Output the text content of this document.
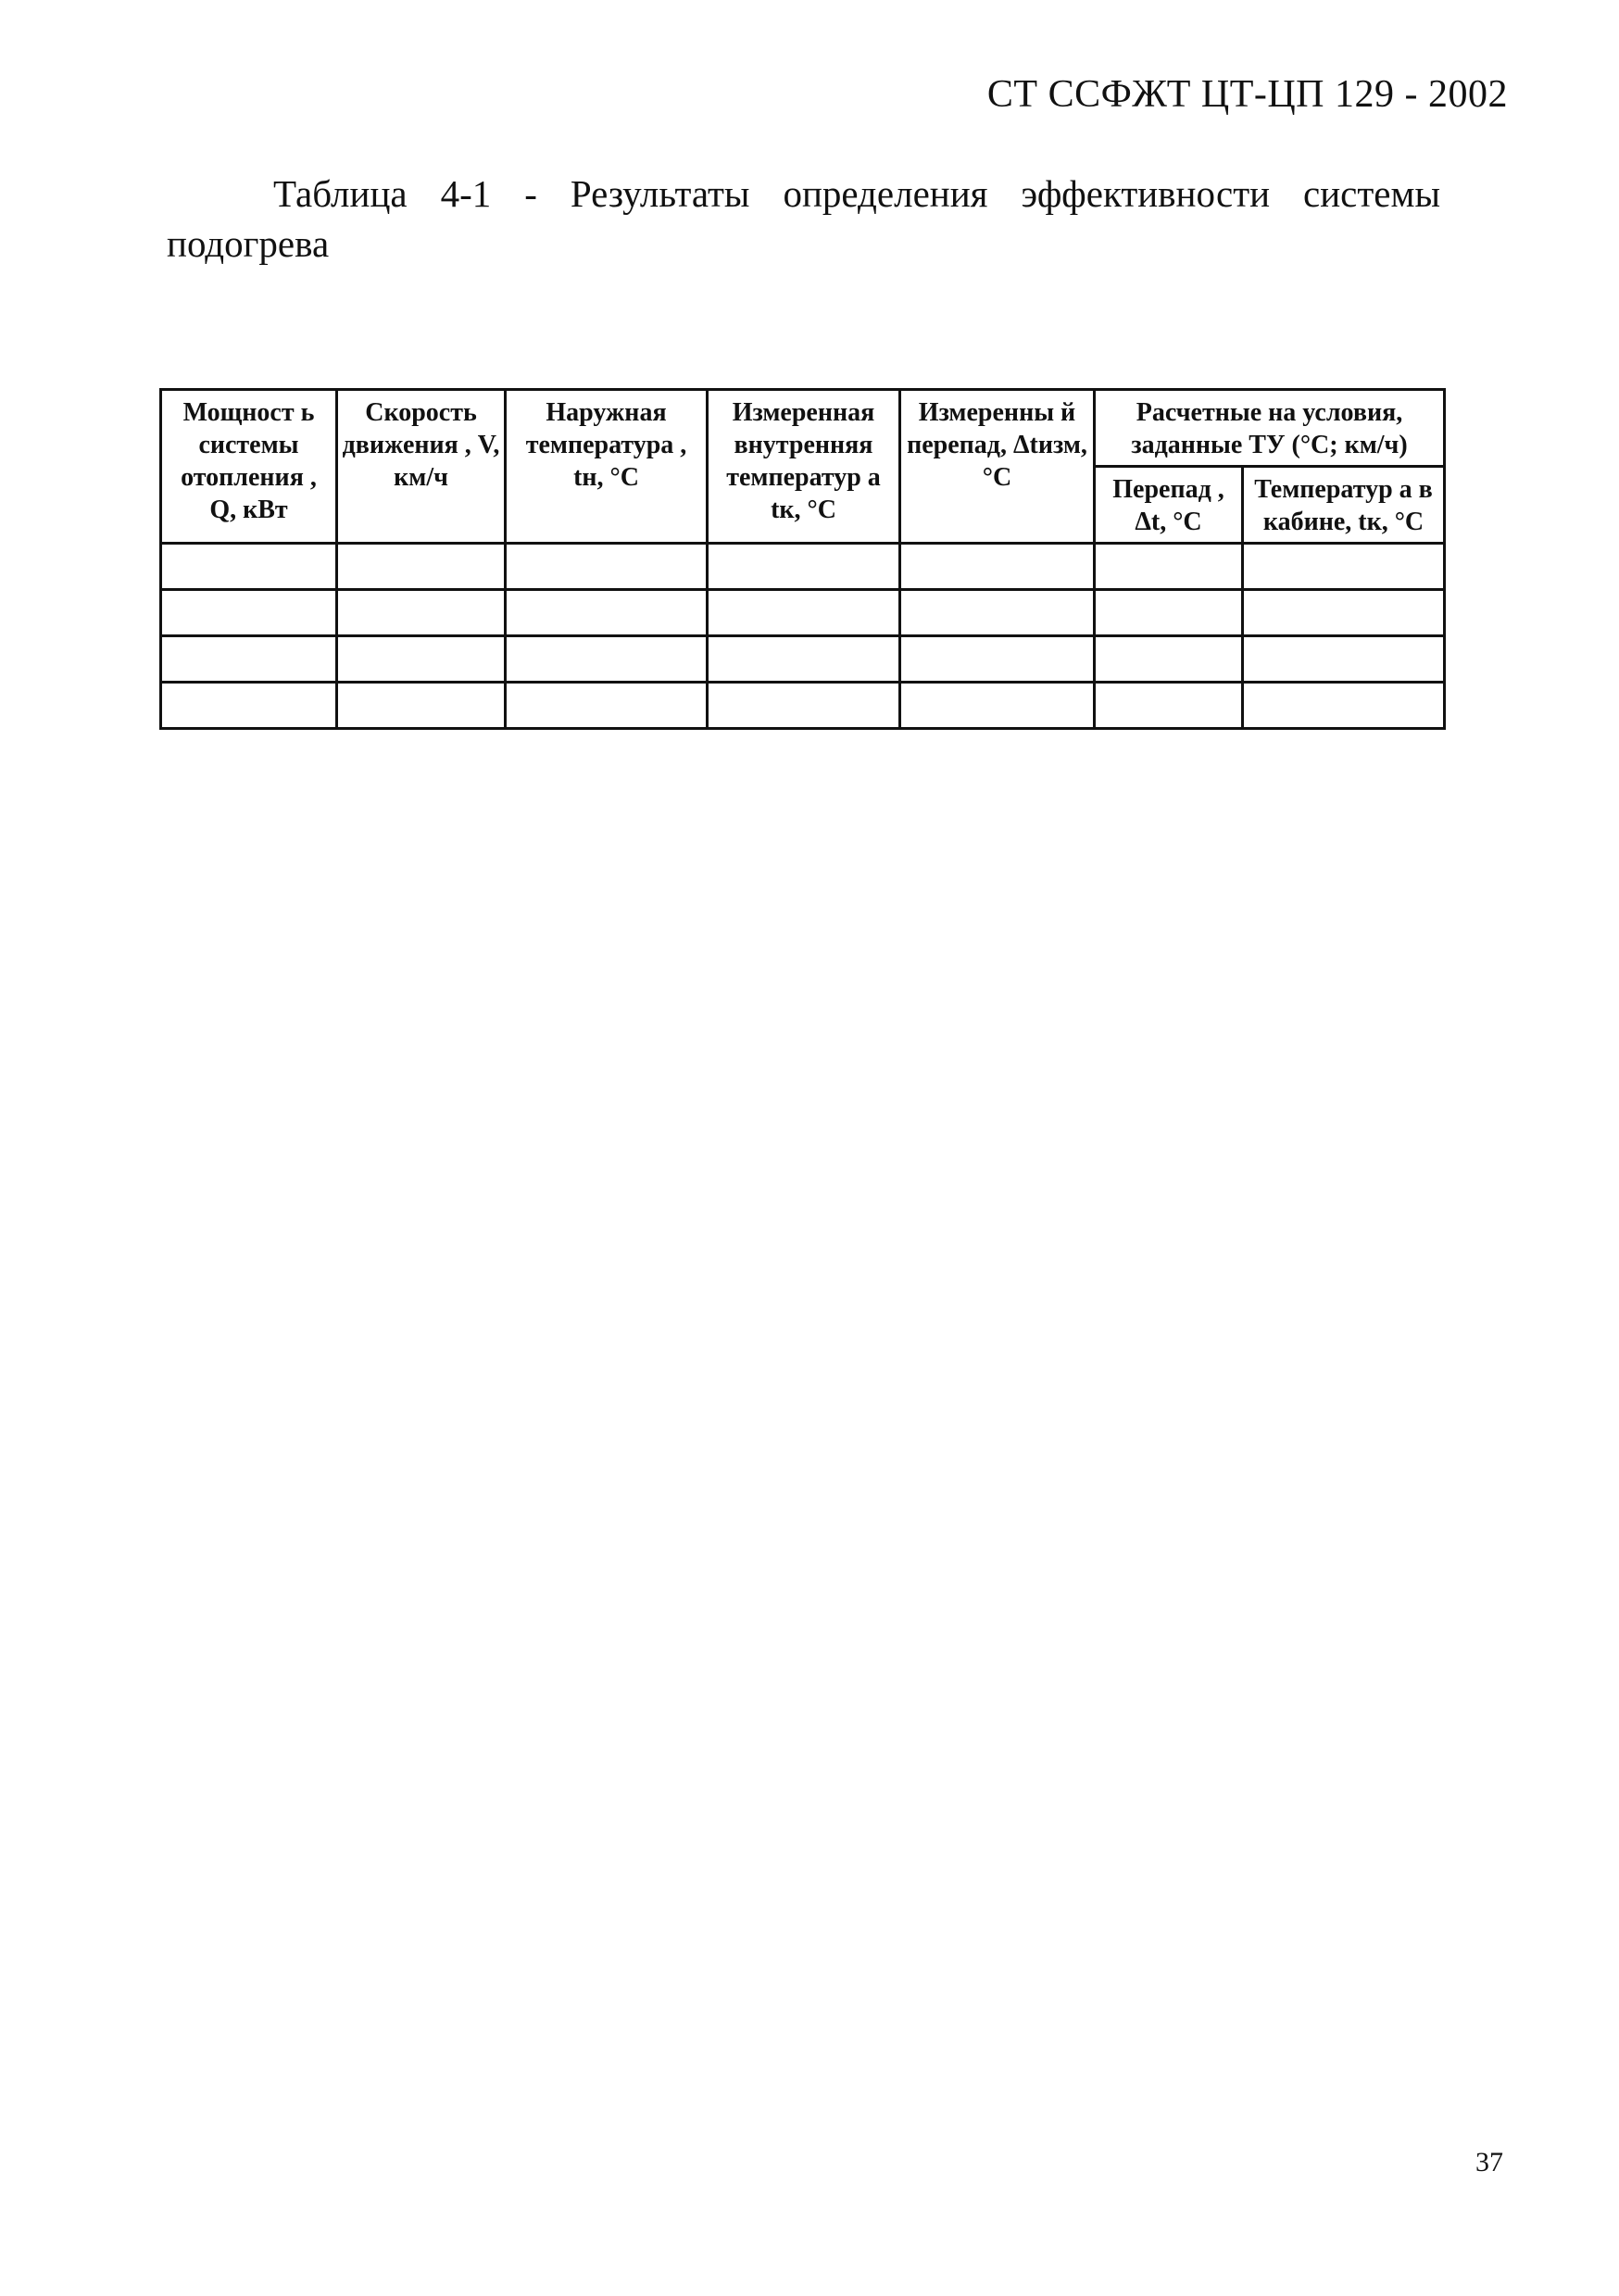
СТ ССФЖТ ЦТ-ЦП 129 - 2002
Таблица 4-1 - Результаты определения эффективности системы
подогрева
Мощност ь системы отопления , Q, кВт	Скорость движения , V, км/ч	Наружная температура , tн, °C	Измеренная внутренняя температур а tк, °C	Измеренны й перепад, Δtизм, °C	Расчетные на условия, заданные ТУ (°C; км/ч)	
					Перепад , Δt, °C	Температур а в кабине, tк, °C

37
